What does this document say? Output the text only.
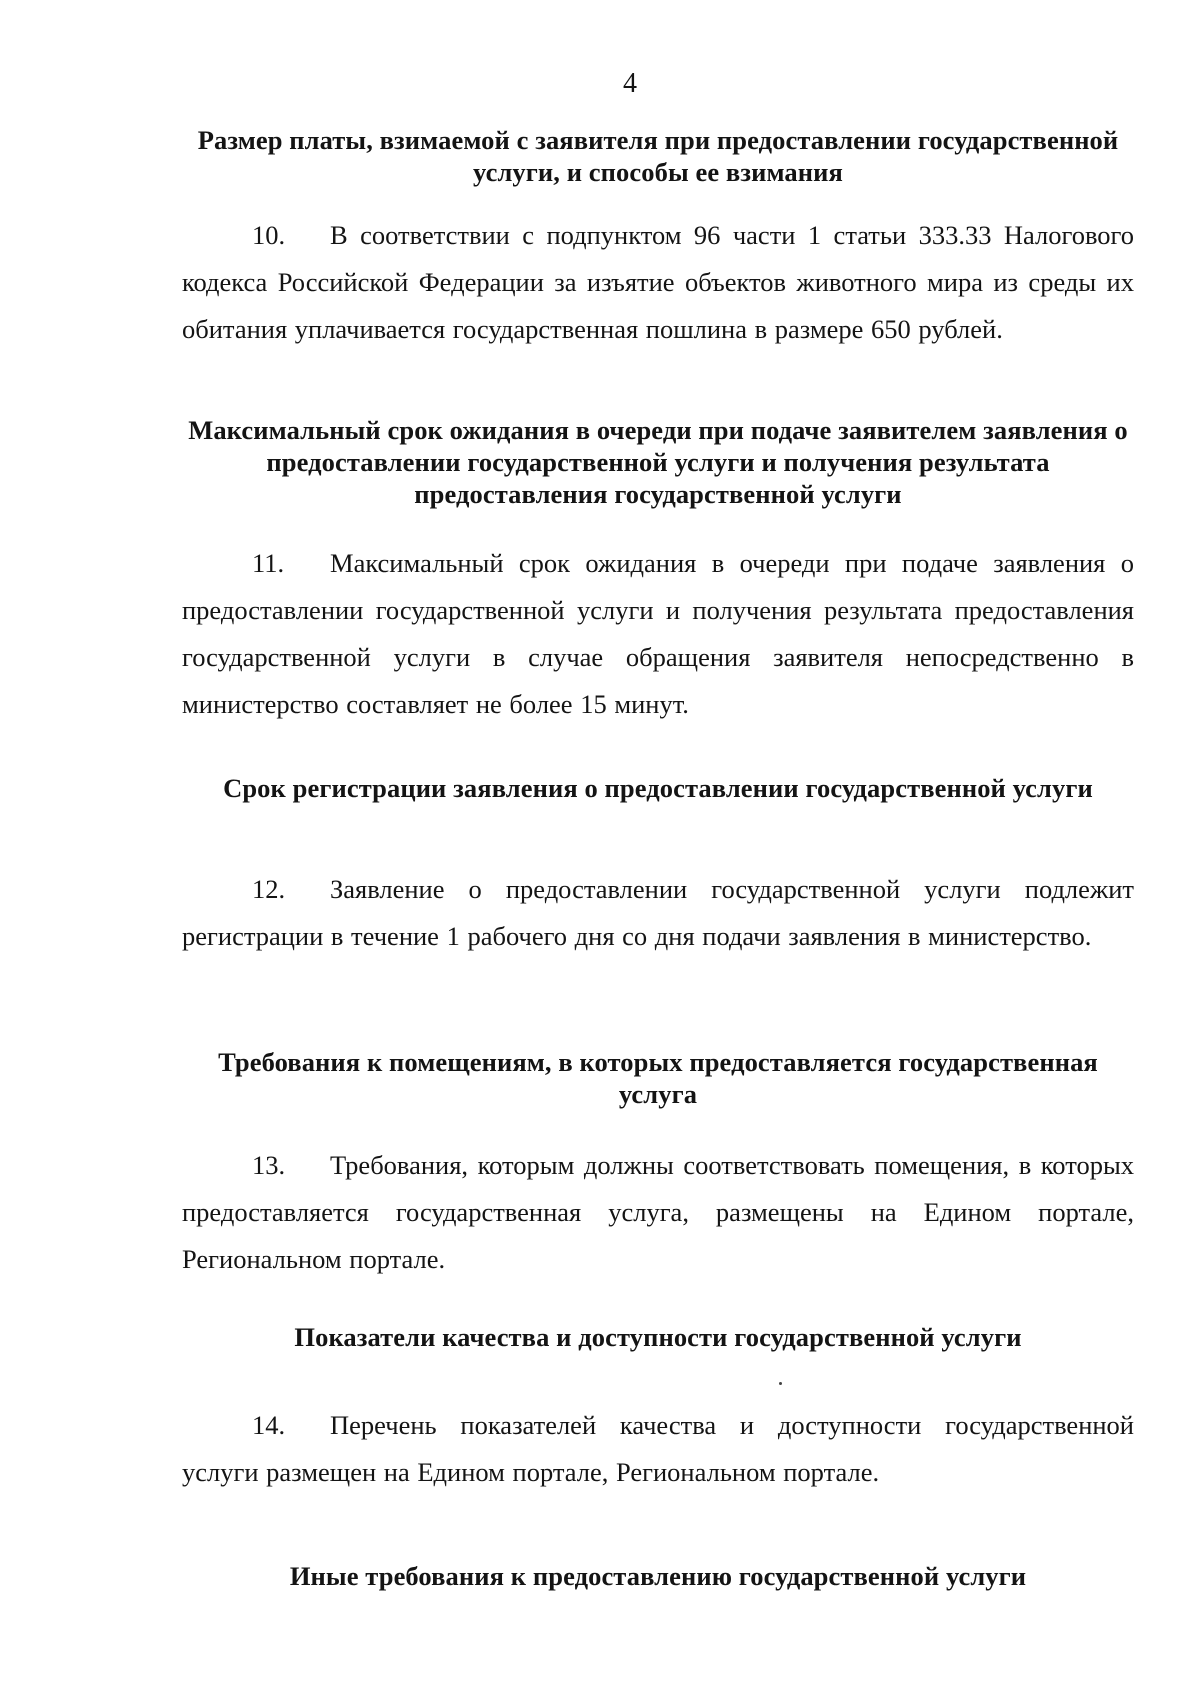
4
Размер платы, взимаемой с заявителя при предоставлении государственной услуги, и способы ее взимания
10. В соответствии с подпунктом 96 части 1 статьи 333.33 Налогового кодекса Российской Федерации за изъятие объектов животного мира из среды их обитания уплачивается государственная пошлина в размере 650 рублей.
Максимальный срок ожидания в очереди при подаче заявителем заявления о предоставлении государственной услуги и получения результата предоставления государственной услуги
11. Максимальный срок ожидания в очереди при подаче заявления о предоставлении государственной услуги и получения результата предоставления государственной услуги в случае обращения заявителя непосредственно в министерство составляет не более 15 минут.
Срок регистрации заявления о предоставлении государственной услуги
12. Заявление о предоставлении государственной услуги подлежит регистрации в течение 1 рабочего дня со дня подачи заявления в министерство.
Требования к помещениям, в которых предоставляется государственная услуга
13. Требования, которым должны соответствовать помещения, в которых предоставляется государственная услуга, размещены на Едином портале, Региональном портале.
Показатели качества и доступности государственной услуги
14. Перечень показателей качества и доступности государственной услуги размещен на Едином портале, Региональном портале.
Иные требования к предоставлению государственной услуги
